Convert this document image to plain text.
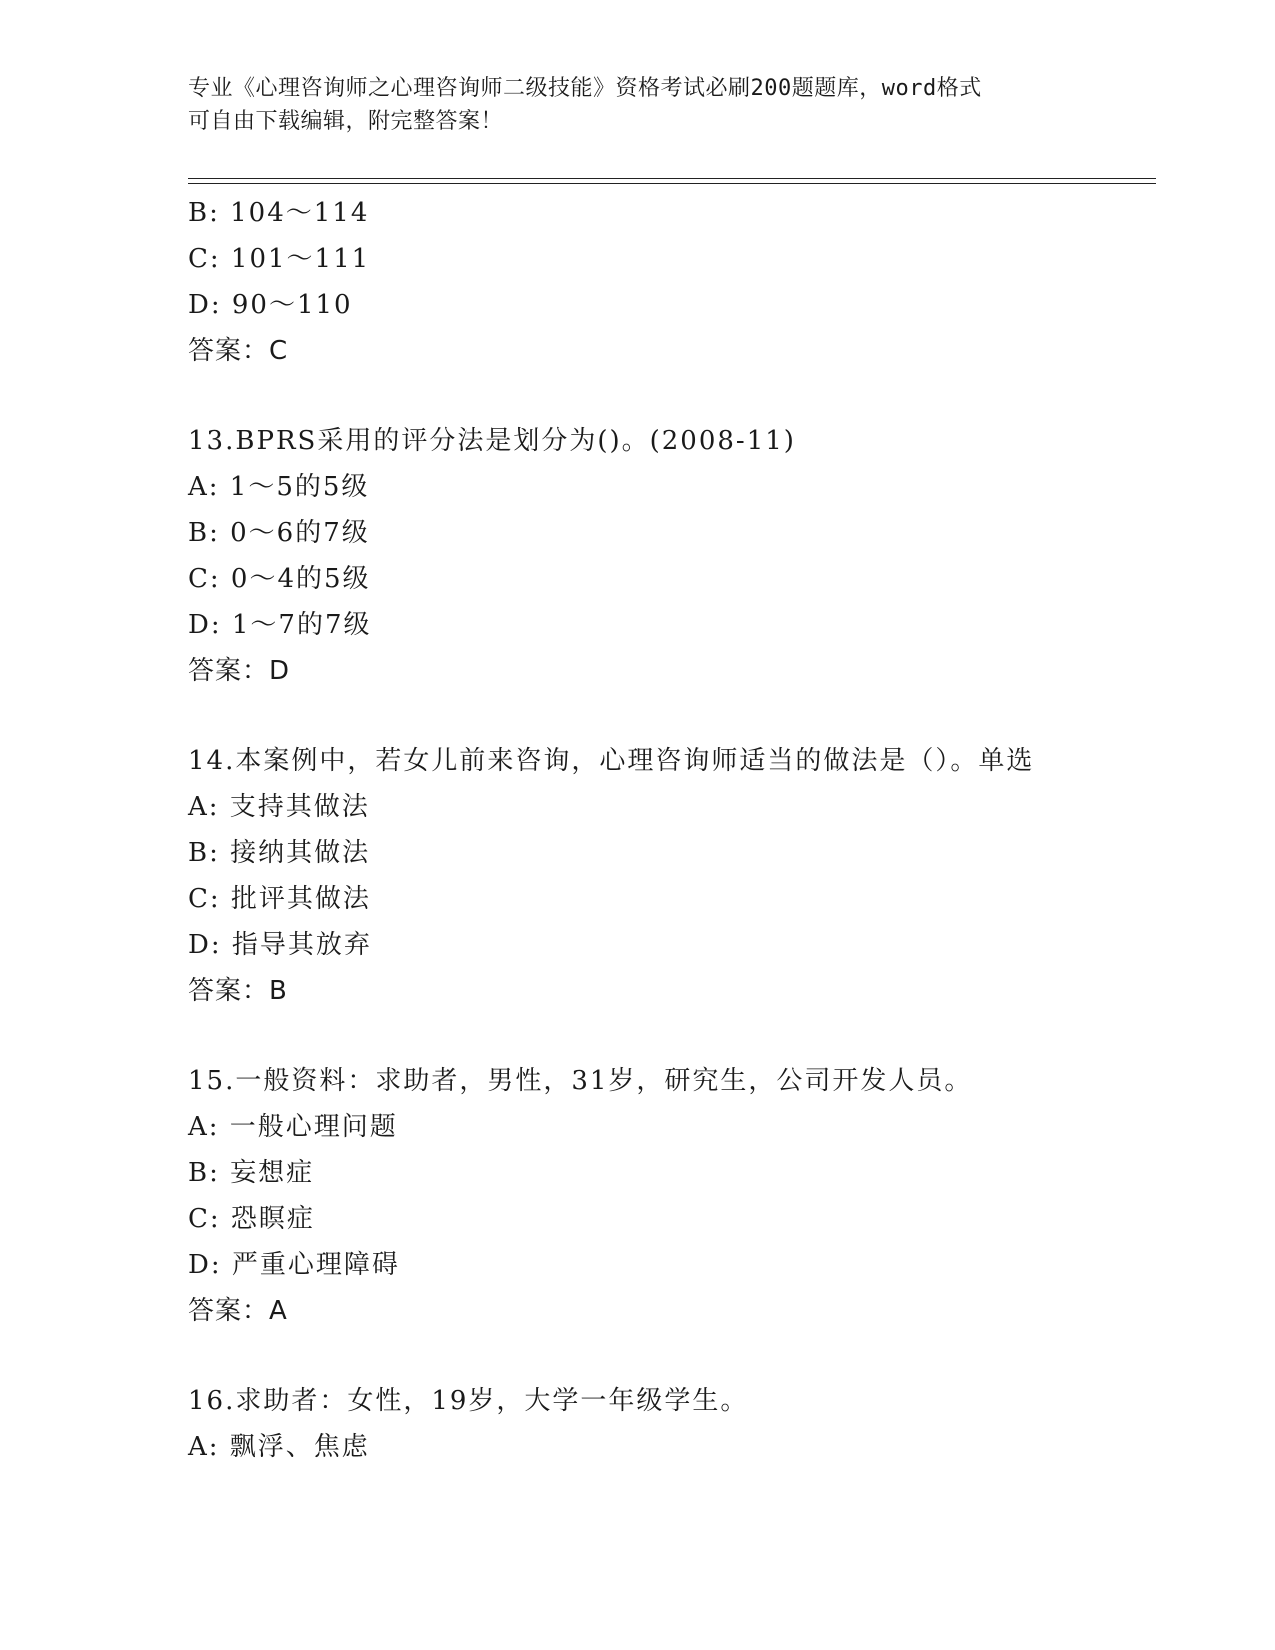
专业《心理咨询师之心理咨询师二级技能》资格考试必刷200题题库，word格式
可自由下载编辑，附完整答案！
B: 104～114
C: 101～111
D: 90～110
答案：C
13.BPRS采用的评分法是划分为()。(2008-11)
A: 1～5的5级
B: 0～6的7级
C: 0～4的5级
D: 1～7的7级
答案：D
14.本案例中，若女儿前来咨询，心理咨询师适当的做法是（）。单选
A: 支持其做法
B: 接纳其做法
C: 批评其做法
D: 指导其放弃
答案：B
15.一般资料：求助者，男性，31岁，研究生，公司开发人员。
A: 一般心理问题
B: 妄想症
C: 恐瞑症
D: 严重心理障碍
答案：A
16.求助者：女性，19岁，大学一年级学生。
A: 飘浮、焦虑
